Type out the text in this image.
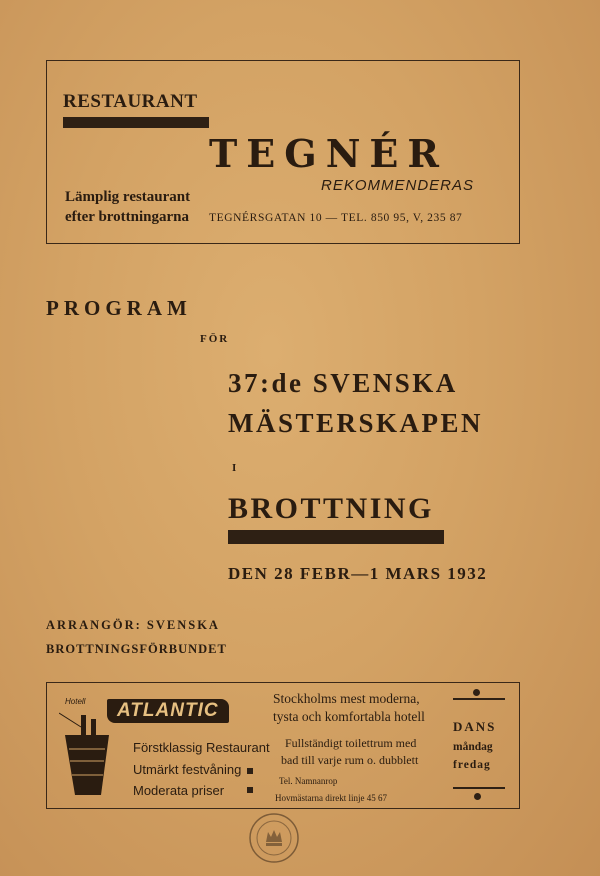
RESTAURANT
TEGNÉR
REKOMMENDERAS
Lämplig restaurant
efter brottningarna TEGNÉRSGATAN 10 — TEL. 850 95, V, 235 87
PROGRAM
FÖR
37:de SVENSKA
MÄSTERSKAPEN
I
BROTTNING
DEN 28 FEBR—1 MARS 1932
ARRANGÖR: SVENSKA
BROTTNINGSFÖRBUNDET
Hotell	ATLANTIC
Förstklassig Restaurant
Utmärkt festvåning
Moderata priser
Stockholms mest moderna,
tysta och komfortabla hotell
Fullständigt toilettrum med
bad till varje rum o. dubblett
Tel. Namnanrop
Hovmästarna direkt linje 45 67
DANS
måndag
fredag
